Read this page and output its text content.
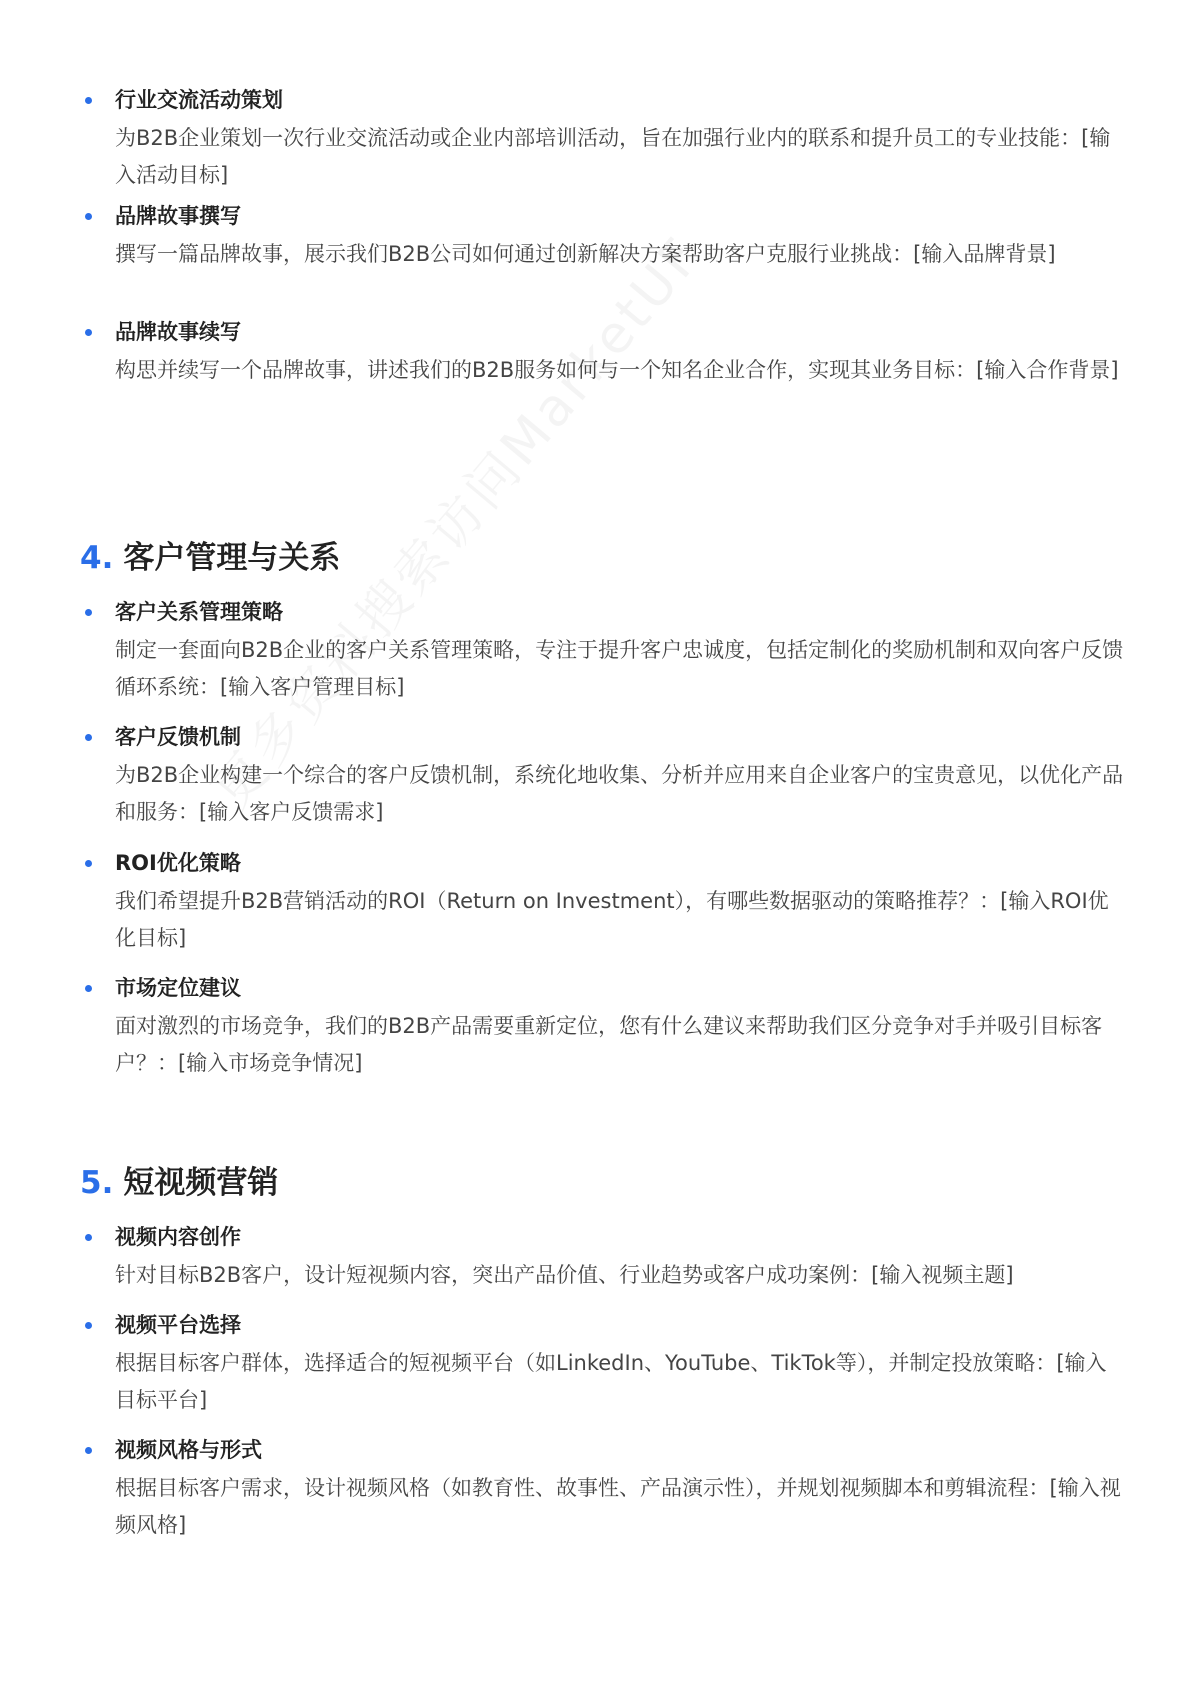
行业交流活动策划
为B2B企业策划一次行业交流活动或企业内部培训活动，旨在加强行业内的联系和提升员工的专业技能：[输入活动目标]
品牌故事撰写
撰写一篇品牌故事，展示我们B2B公司如何通过创新解决方案帮助客户克服行业挑战：[输入品牌背景]
品牌故事续写
构思并续写一个品牌故事，讲述我们的B2B服务如何与一个知名企业合作，实现其业务目标：[输入合作背景]
4. 客户管理与关系
客户关系管理策略
制定一套面向B2B企业的客户关系管理策略，专注于提升客户忠诚度，包括定制化的奖励机制和双向客户反馈循环系统：[输入客户管理目标]
客户反馈机制
为B2B企业构建一个综合的客户反馈机制，系统化地收集、分析并应用来自企业客户的宝贵意见，以优化产品和服务：[输入客户反馈需求]
ROI优化策略
我们希望提升B2B营销活动的ROI（Return on Investment），有哪些数据驱动的策略推荐？：[输入ROI优化目标]
市场定位建议
面对激烈的市场竞争，我们的B2B产品需要重新定位，您有什么建议来帮助我们区分竞争对手并吸引目标客户？：[输入市场竞争情况]
5. 短视频营销
视频内容创作
针对目标B2B客户，设计短视频内容，突出产品价值、行业趋势或客户成功案例：[输入视频主题]
视频平台选择
根据目标客户群体，选择适合的短视频平台（如LinkedIn、YouTube、TikTok等），并制定投放策略：[输入目标平台]
视频风格与形式
根据目标客户需求，设计视频风格（如教育性、故事性、产品演示性），并规划视频脚本和剪辑流程：[输入视频风格]
